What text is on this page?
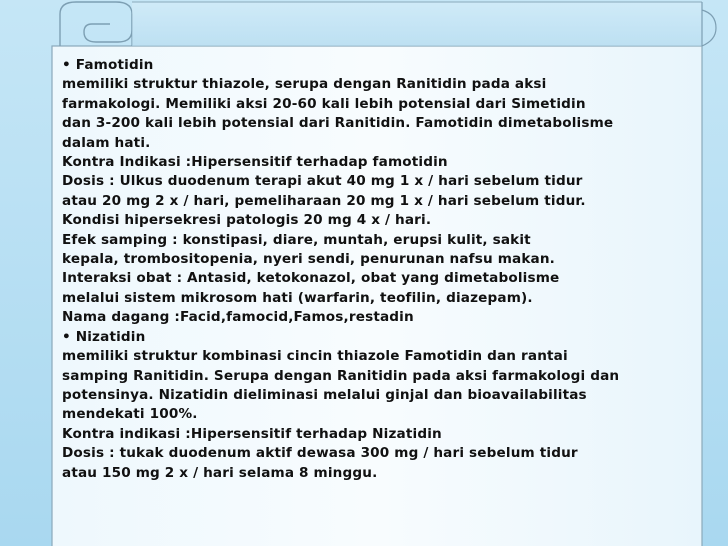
• Famotidin
memiliki struktur thiazole, serupa dengan Ranitidin pada aksi
farmakologi. Memiliki aksi 20-60 kali lebih potensial dari Simetidin
dan 3-200 kali lebih potensial dari Ranitidin. Famotidin dimetabolisme
dalam hati.
Kontra Indikasi :Hipersensitif terhadap famotidin
Dosis : Ulkus duodenum terapi akut 40 mg 1 x / hari sebelum tidur
atau 20 mg 2 x / hari, pemeliharaan 20 mg 1 x / hari sebelum tidur.
Kondisi hipersekresi patologis 20 mg 4 x / hari.
Efek samping : konstipasi, diare, muntah, erupsi kulit, sakit
kepala, trombositopenia, nyeri sendi, penurunan nafsu makan.
Interaksi obat : Antasid, ketokonazol, obat yang dimetabolisme
melalui sistem mikrosom hati (warfarin, teofilin, diazepam).
Nama dagang :Facid,famocid,Famos,restadin
• Nizatidin
memiliki struktur kombinasi cincin thiazole Famotidin dan rantai
samping Ranitidin. Serupa dengan Ranitidin pada aksi farmakologi dan
potensinya. Nizatidin dieliminasi melalui ginjal dan bioavailabilitas
mendekati 100%.
Kontra indikasi :Hipersensitif terhadap Nizatidin
Dosis : tukak duodenum aktif dewasa 300 mg / hari sebelum tidur
atau 150 mg 2 x / hari selama 8 minggu.
